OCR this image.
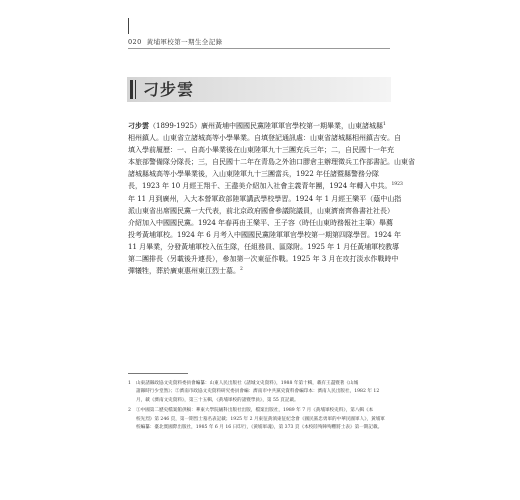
020 黃埔軍校第一期生全記錄
刁步雲
刁步雲（1899-1925）廣州黃埔中國國民黨陸軍軍官學校第一期畢業，山東諸城縣$^1$
相州鎮人。山東省立諸城高等小學畢業。自填登記通訊處：山東省諸城縣相州鎮吉安。自
填入學前履歷：一、自高小畢業後在山東陸軍九十三團充兵三年；二，自民國十一年充
本旅部警備隊分隊長；三，自民國十二年在青島之外油口膠倉主辦理徵兵工作部書記。山東省
諸城縣城高等小學畢業後，入山東陸軍九十三團當兵，1922 年任諸暨縣警務分隊
長，1923 年 10 月經王翔千、王盡美介紹加入社會主義青年團，1924 年轉入中共。$^{1923}$
年 11 月到廣州，入大本營軍政部陸軍講武學校學習。1924 年 1 月經王樂平（蔭中山指
派山東省出席國民黨一大代表，前北京政府國會參議院議員，山東濟南齊魯書社社長）
介紹加入中國國民黨。1924 年春再由王樂平、王子容（時任山東時務報社主筆）舉薦
投考黃埔軍校。1924 年 6 月考入中國國民黨陸軍軍官學校第一期第四隊學習。1924 年
11 月畢業，分發黃埔軍校入伍生隊，任組務員、區隊附。1925 年 1 月任黃埔軍校教導
第二團排長（另載後升連長），參加第一次東征作戰。1925 年 3 月在攻打淡水作戰時中
彈犧牲，葬於廣東惠州東江烈士墓。$^2$
1	山東諸縣政協文史資料委員會編纂：山東人民出版社《諸城文史資料》，1988 年第十輯，載有王盡暨著《山城
諸縣時行少堂然》；②濟南市政協文史資料研究委員會編：濟南市中共黨史資料會編印本：濟南人民出版社，1982 年 12
月，載《濟南文史資料》，第三十五輯，《黃埔軍校的諸暨學員》，第 55 頁記載。
2	①中國第二歷史檔案館供稿：華東大學院級科出版社出版，檔案出版社，1989 年 7 月《黃埔軍校史料》，第八輯《本
校先烈》第 246 頁，第一期烈士墓名表記載；1925 年 2 月東征黃滇東征紀念會《國民黨忠勇軍的中華民國軍人》，黃埔軍
校編纂：臺北實國際出版社，1985 年 6 月 16 日印行，《黃埔軍魂》，第 373 頁《本校陸殉陣殉難將士表》第一期記載。
